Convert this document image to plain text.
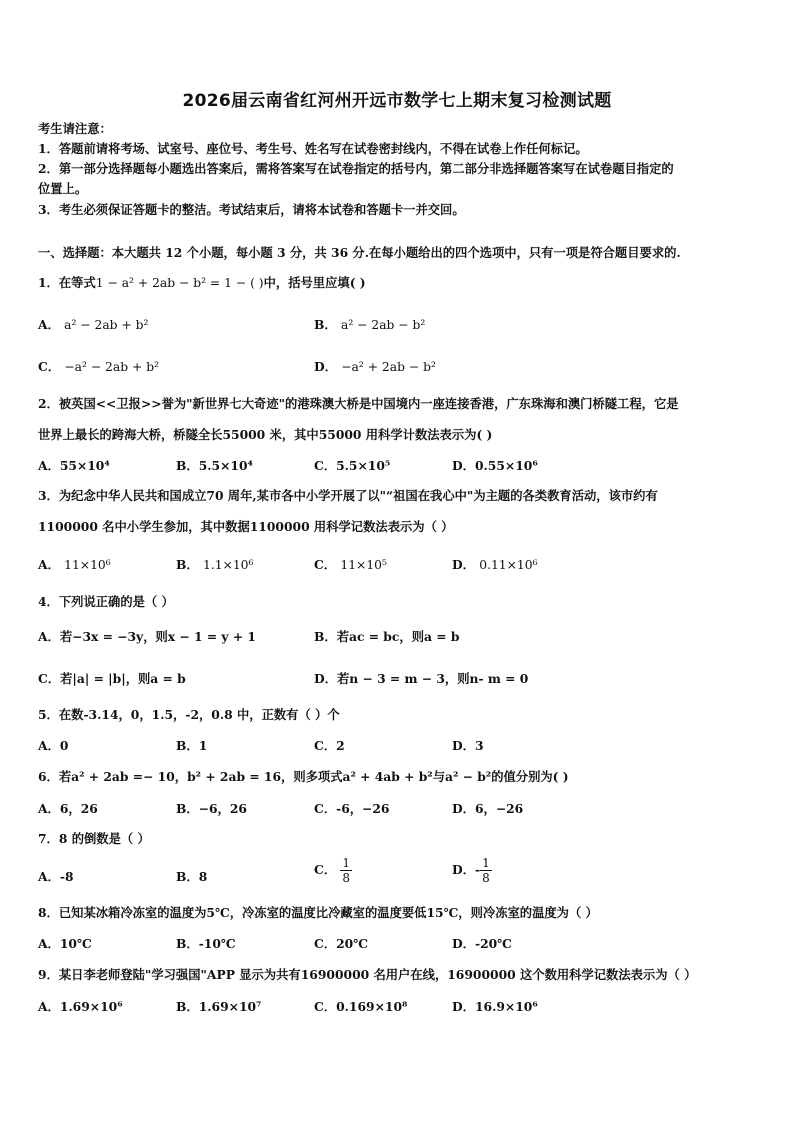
2026届云南省红河州开远市数学七上期末复习检测试题
考生请注意：
1．答题前请将考场、试室号、座位号、考生号、姓名写在试卷密封线内，不得在试卷上作任何标记。
2．第一部分选择题每小题选出答案后，需将答案写在试卷指定的括号内，第二部分非选择题答案写在试卷题目指定的
位置上。
3．考生必须保证答题卡的整洁。考试结束后，请将本试卷和答题卡一并交回。
一、选择题：本大题共 12 个小题，每小题 3 分，共 36 分.在每小题给出的四个选项中，只有一项是符合题目要求的.
1．在等式1 − a² + 2ab − b² = 1 − ( )中，括号里应填( )
A． a² − 2ab + b²	B． a² − 2ab − b²
C． −a² − 2ab + b²	D． −a² + 2ab − b²
2．被英国<<卫报>>誉为"新世界七大奇迹"的港珠澳大桥是中国境内一座连接香港，广东珠海和澳门桥隧工程，它是
世界上最长的跨海大桥，桥隧全长55000 米，其中55000 用科学计数法表示为( )
A．55×10⁴	B．5.5×10⁴	C．5.5×10⁵	D．0.55×10⁶
3．为纪念中华人民共和国成立70 周年,某市各中小学开展了以"“祖国在我心中"为主题的各类教育活动，该市约有
1100000 名中小学生参加，其中数据1100000 用科学记数法表示为（ ）
A． 11×10⁶	B． 1.1×10⁶	C． 11×10⁵	D． 0.11×10⁶
4．下列说正确的是（ ）
A．若−3x = −3y，则x − 1 = y + 1	B．若ac = bc，则a = b
C．若|a| = |b|，则a = b	D．若n − 3 = m − 3，则n‑ m = 0
5．在数-3.14，0，1.5，-2，0.8 中，正数有（ ）个
A．0	B．1	C．2	D．3
6．若a² + 2ab =− 10，b² + 2ab = 16，则多项式a² + 4ab + b²与a² − b²的值分别为( )
A．6，26	B．−6，26	C．-6，−26	D．6，−26
7．8 的倒数是（ ）
A．-8	B．8	C． $\frac{1}{8}$	D．- $\frac{1}{8}$
8．已知某冰箱冷冻室的温度为5℃，冷冻室的温度比冷藏室的温度要低15℃，则冷冻室的温度为（ ）
A．10℃	B．-10℃	C．20℃	D．-20℃
9．某日李老师登陆"学习强国"APP 显示为共有16900000 名用户在线，16900000 这个数用科学记数法表示为（ ）
A．1.69×10⁶	B．1.69×10⁷	C．0.169×10⁸	D．16.9×10⁶
